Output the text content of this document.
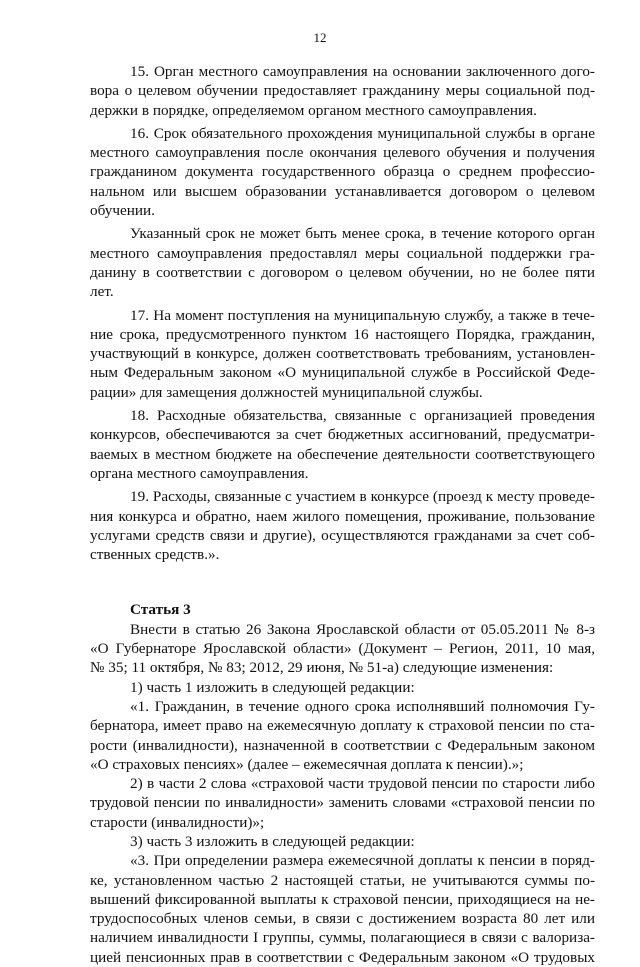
12
15. Орган местного самоуправления на основании заключенного дого-
вора о целевом обучении предоставляет гражданину меры социальной под-
держки в порядке, определяемом органом местного самоуправления.
16. Срок обязательного прохождения муниципальной службы в органе
местного самоуправления после окончания целевого обучения и получения
гражданином документа государственного образца о среднем профессио-
нальном или высшем образовании устанавливается договором о целевом
обучении.
Указанный срок не может быть менее срока, в течение которого орган
местного самоуправления предоставлял меры социальной поддержки гра-
данину в соответствии с договором о целевом обучении, но не более пяти
лет.
17. На момент поступления на муниципальную службу, а также в тече-
ние срока, предусмотренного пунктом 16 настоящего Порядка, гражданин,
участвующий в конкурсе, должен соответствовать требованиям, установлен-
ным Федеральным законом «О муниципальной службе в Российской Феде-
рации» для замещения должностей муниципальной службы.
18. Расходные обязательства, связанные с организацией проведения
конкурсов, обеспечиваются за счет бюджетных ассигнований, предусматри-
ваемых в местном бюджете на обеспечение деятельности соответствующего
органа местного самоуправления.
19. Расходы, связанные с участием в конкурсе (проезд к месту проведе-
ния конкурса и обратно, наем жилого помещения, проживание, пользование
услугами средств связи и другие), осуществляются гражданами за счет соб-
ственных средств.».
Статья 3
Внести в статью 26 Закона Ярославской области от 05.05.2011 № 8-з
«О Губернаторе Ярославской области» (Документ – Регион, 2011, 10 мая,
№ 35; 11 октября, № 83; 2012, 29 июня, № 51-а) следующие изменения:
1) часть 1 изложить в следующей редакции:
«1. Гражданин, в течение одного срока исполнявший полномочия Гу-
бернатора, имеет право на ежемесячную доплату к страховой пенсии по ста-
рости (инвалидности), назначенной в соответствии с Федеральным законом
«О страховых пенсиях» (далее – ежемесячная доплата к пенсии).»;
2) в части 2 слова «страховой части трудовой пенсии по старости либо
трудовой пенсии по инвалидности» заменить словами «страховой пенсии по
старости (инвалидности)»;
3) часть 3 изложить в следующей редакции:
«3. При определении размера ежемесячной доплаты к пенсии в поряд-
ке, установленном частью 2 настоящей статьи, не учитываются суммы по-
вышений фиксированной выплаты к страховой пенсии, приходящиеся на не-
трудоспособных членов семьи, в связи с достижением возраста 80 лет или
наличием инвалидности I группы, суммы, полагающиеся в связи с валориза-
цией пенсионных прав в соответствии с Федеральным законом «О трудовых
